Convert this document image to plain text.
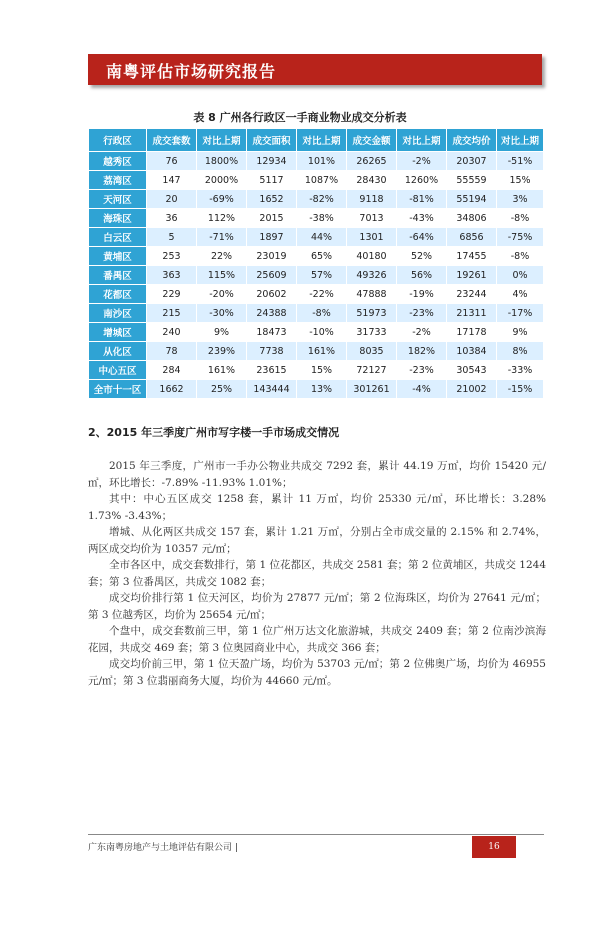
南粤评估市场研究报告
表 8 广州各行政区一手商业物业成交分析表
行政区	成交套数	对比上期	成交面积	对比上期	成交金额	对比上期	成交均价	对比上期
越秀区	76	1800%	12934	101%	26265	-2%	20307	-51%
荔湾区	147	2000%	5117	1087%	28430	1260%	55559	15%
天河区	20	-69%	1652	-82%	9118	-81%	55194	3%
海珠区	36	112%	2015	-38%	7013	-43%	34806	-8%
白云区	5	-71%	1897	44%	1301	-64%	6856	-75%
黄埔区	253	22%	23019	65%	40180	52%	17455	-8%
番禺区	363	115%	25609	57%	49326	56%	19261	0%
花都区	229	-20%	20602	-22%	47888	-19%	23244	4%
南沙区	215	-30%	24388	-8%	51973	-23%	21311	-17%
增城区	240	9%	18473	-10%	31733	-2%	17178	9%
从化区	78	239%	7738	161%	8035	182%	10384	8%
中心五区	284	161%	23615	15%	72127	-23%	30543	-33%
全市十一区	1662	25%	143444	13%	301261	-4%	21002	-15%
2、2015 年三季度广州市写字楼一手市场成交情况

2015 年三季度，广州市一手办公物业共成交 7292 套，累计 44.19 万㎡，均价 15420 元/㎡，环比增长：-7.89% -11.93% 1.01%；

其中：中心五区成交 1258 套，累计 11 万㎡，均价 25330 元/㎡，环比增长：3.28% 1.73% -3.43%；

增城、从化两区共成交 157 套，累计 1.21 万㎡，分别占全市成交量的 2.15% 和 2.74%，两区成交均价为 10357 元/㎡；

全市各区中，成交套数排行，第 1 位花都区，共成交 2581 套；第 2 位黄埔区，共成交 1244 套；第 3 位番禺区，共成交 1082 套；

成交均价排行第 1 位天河区，均价为 27877 元/㎡；第 2 位海珠区，均价为 27641 元/㎡；第 3 位越秀区，均价为 25654 元/㎡；

个盘中，成交套数前三甲，第 1 位广州万达文化旅游城，共成交 2409 套；第 2 位南沙滨海花园，共成交 469 套；第 3 位奥园商业中心，共成交 366 套；

成交均价前三甲，第 1 位天盈广场，均价为 53703 元/㎡；第 2 位佛奥广场，均价为 46955 元/㎡；第 3 位翡丽商务大厦，均价为 44660 元/㎡。

广东南粤房地产与土地评估有限公司 |	16
